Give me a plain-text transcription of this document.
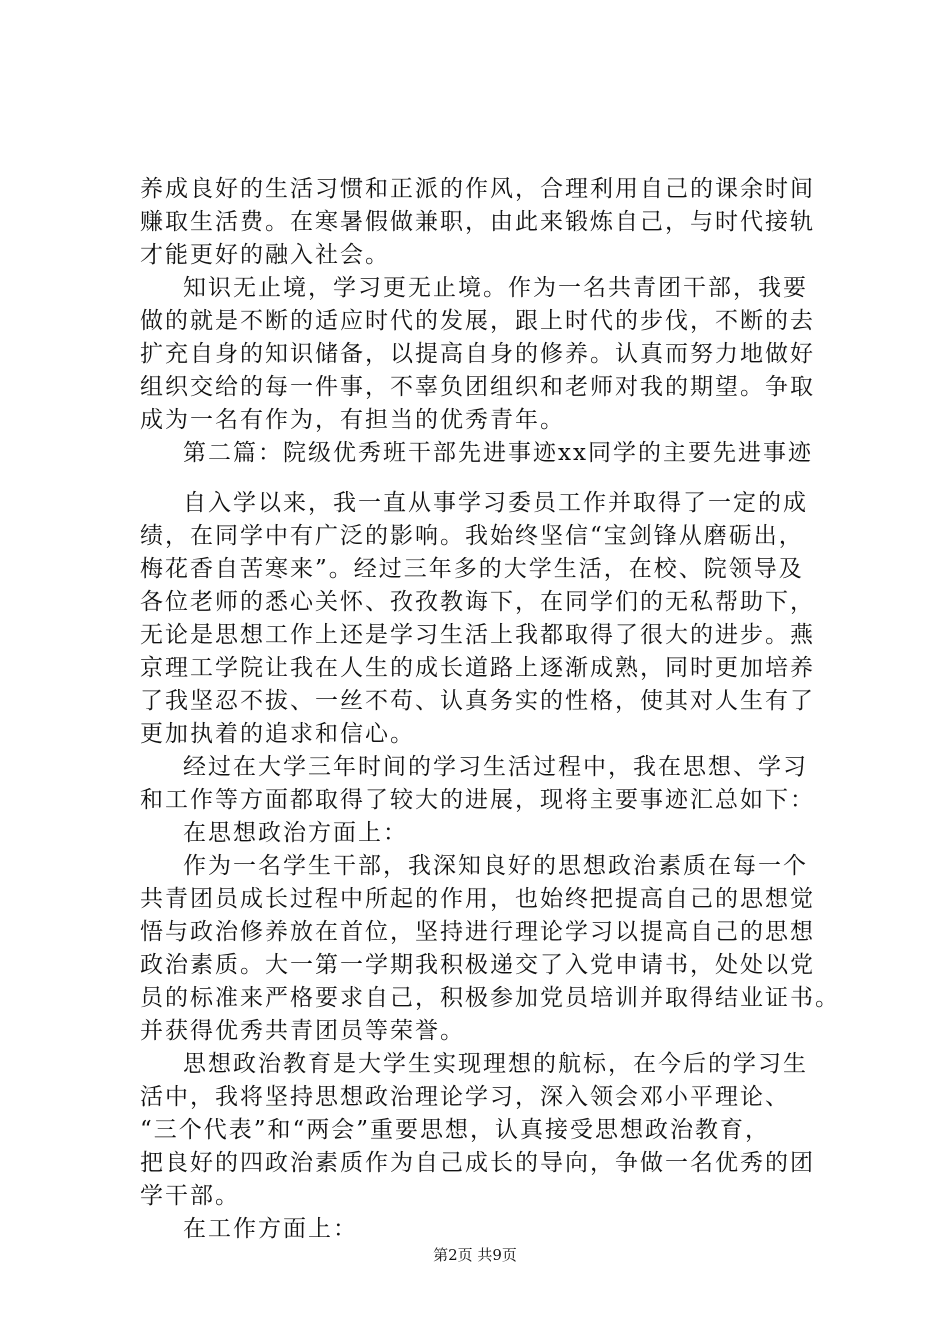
养成良好的生活习惯和正派的作风，合理利用自己的课余时间
赚取生活费。在寒暑假做兼职，由此来锻炼自己，与时代接轨
才能更好的融入社会。
知识无止境，学习更无止境。作为一名共青团干部，我要
做的就是不断的适应时代的发展，跟上时代的步伐，不断的去
扩充自身的知识储备，以提高自身的修养。认真而努力地做好
组织交给的每一件事，不辜负团组织和老师对我的期望。争取
成为一名有作为，有担当的优秀青年。
第二篇：院级优秀班干部先进事迹xx同学的主要先进事迹
自入学以来，我一直从事学习委员工作并取得了一定的成
绩，在同学中有广泛的影响。我始终坚信“宝剑锋从磨砺出，
梅花香自苦寒来”。经过三年多的大学生活，在校、院领导及
各位老师的悉心关怀、孜孜教诲下，在同学们的无私帮助下，
无论是思想工作上还是学习生活上我都取得了很大的进步。燕
京理工学院让我在人生的成长道路上逐渐成熟，同时更加培养
了我坚忍不拔、一丝不苟、认真务实的性格，使其对人生有了
更加执着的追求和信心。
经过在大学三年时间的学习生活过程中，我在思想、学习
和工作等方面都取得了较大的进展，现将主要事迹汇总如下：
在思想政治方面上：
作为一名学生干部，我深知良好的思想政治素质在每一个
共青团员成长过程中所起的作用，也始终把提高自己的思想觉
悟与政治修养放在首位，坚持进行理论学习以提高自己的思想
政治素质。大一第一学期我积极递交了入党申请书，处处以党
员的标准来严格要求自己，积极参加党员培训并取得结业证书。
并获得优秀共青团员等荣誉。
思想政治教育是大学生实现理想的航标，在今后的学习生
活中，我将坚持思想政治理论学习，深入领会邓小平理论、
“三个代表”和“两会”重要思想，认真接受思想政治教育，
把良好的四政治素质作为自己成长的导向，争做一名优秀的团
学干部。
在工作方面上：
第2页 共9页
